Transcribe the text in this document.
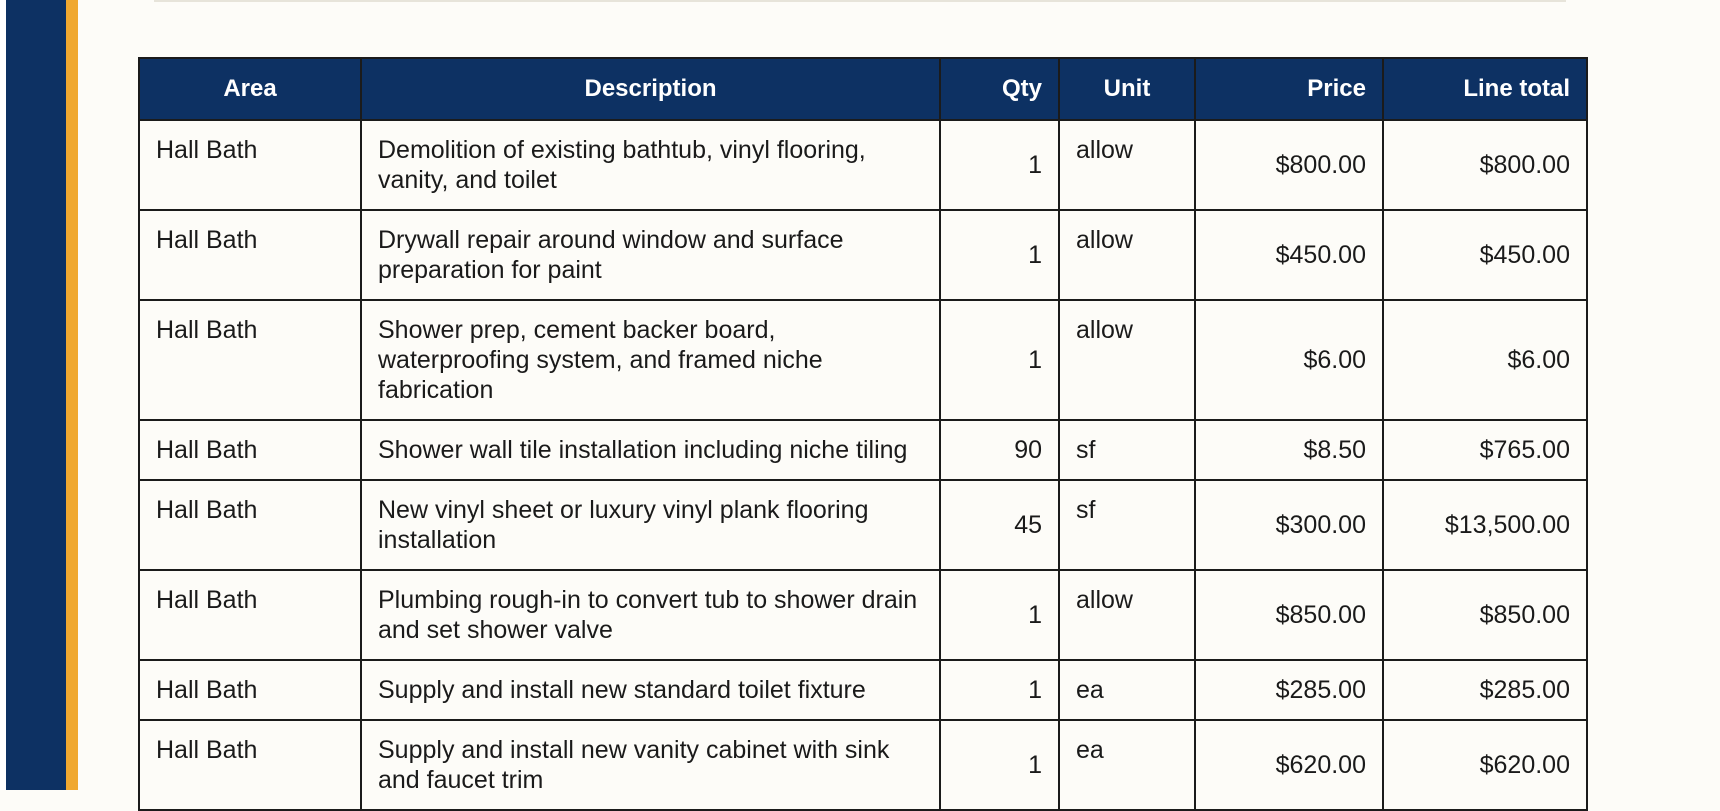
Area	Description	Qty	Unit	Price	Line total
Hall Bath	Demolition of existing bathtub, vinyl flooring, vanity, and toilet	1	allow	$800.00	$800.00
Hall Bath	Drywall repair around window and surface preparation for paint	1	allow	$450.00	$450.00
Hall Bath	Shower prep, cement backer board, waterproofing system, and framed niche fabrication	1	allow	$6.00	$6.00
Hall Bath	Shower wall tile installation including niche tiling	90	sf	$8.50	$765.00
Hall Bath	New vinyl sheet or luxury vinyl plank flooring installation	45	sf	$300.00	$13,500.00
Hall Bath	Plumbing rough-in to convert tub to shower drain and set shower valve	1	allow	$850.00	$850.00
Hall Bath	Supply and install new standard toilet fixture	1	ea	$285.00	$285.00
Hall Bath	Supply and install new vanity cabinet with sink and faucet trim	1	ea	$620.00	$620.00
